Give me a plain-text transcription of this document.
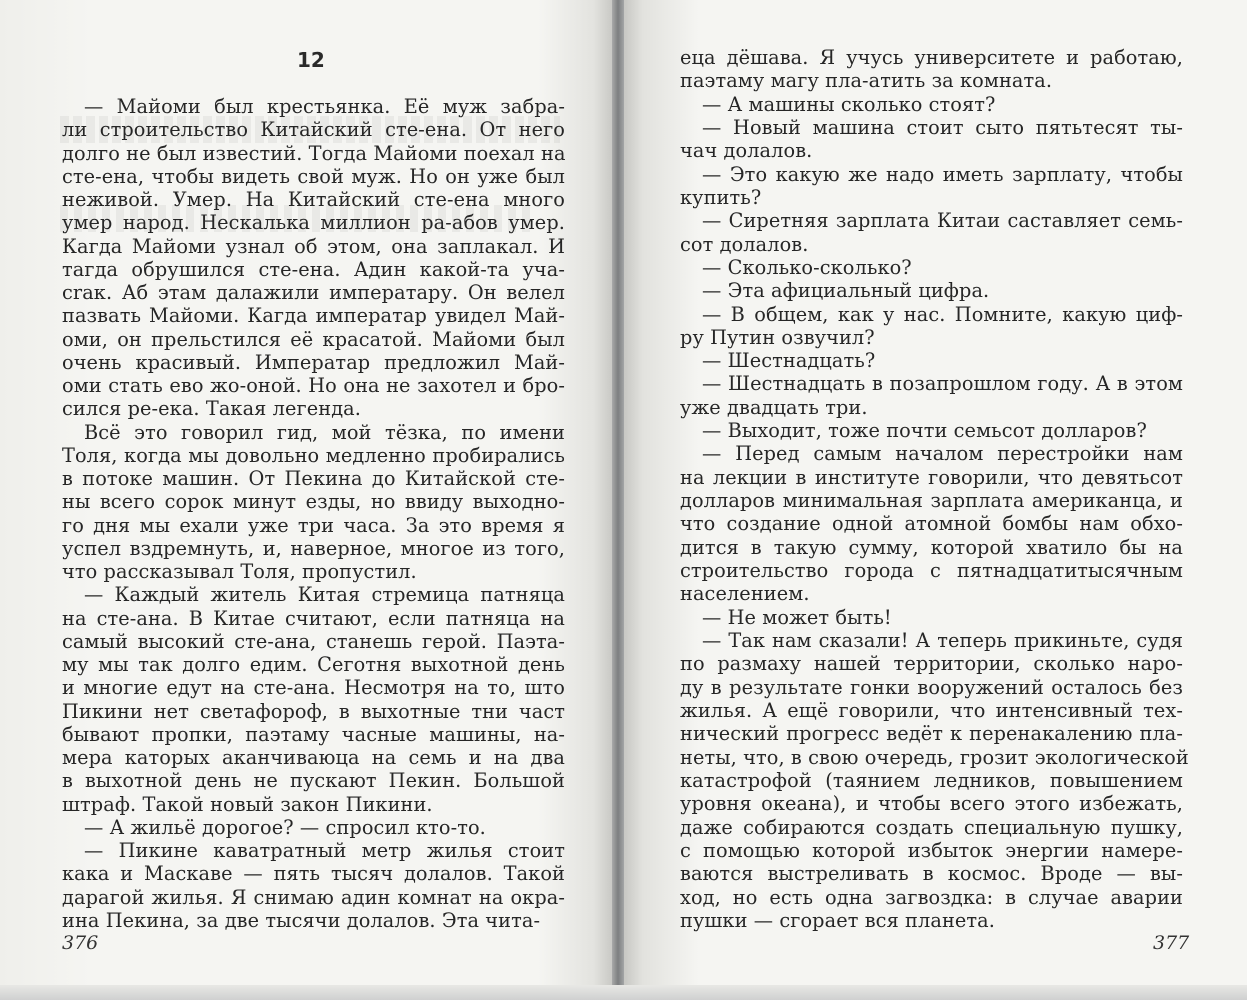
12
— Майоми был крестьянка. Её муж забра-
ли строительство Китайский сте-ена. От него
долго не был известий. Тогда Майоми поехал на
сте-ена, чтобы видеть свой муж. Но он уже был
неживой. Умер. На Китайский сте-ена много
умер народ. Нескалька миллион ра-абов умер.
Кагда Майоми узнал об этом, она заплакал. И
тагда обрушился сте-ена. Адин какой-та уча-
сrак. Аб этам далажили императару. Он велел
пазвать Майоми. Кагда императар увидел Май-
оми, он прельстился её красатой. Майоми был
очень красивый. Императар предложил Май-
оми стать ево жо-оной. Но она не захотел и бро-
сился ре-ека. Такая легенда.
Всё это говорил гид, мой тёзка, по имени
Толя, когда мы довольно медленно пробирались
в потоке машин. От Пекина до Китайской сте-
ны всего сорок минут езды, но ввиду выходно-
го дня мы ехали уже три часа. За это время я
успел вздремнуть, и, наверное, многое из того,
что рассказывал Толя, пропустил.
— Каждый житель Китая стремица патняца
на сте-ана. В Китае считают, если патняца на
самый высокий сте-ана, станешь герой. Паэта-
му мы так долго едим. Сеготня выхотной день
и многие едут на сте-ана. Несмотря на то, што
Пикини нет светафороф, в выхотные тни част
бывают пропки, паэтаму часные машины, на-
мера каторых аканчиваюца на семь и на два
в выхотной день не пускают Пекин. Большой
штраф. Такой новый закон Пикини.
— А жильё дорогое? — спросил кто-то.
— Пикине каватратный метр жилья стоит
кака и Маскаве — пять тысяч долалов. Такой
дарагой жилья. Я снимаю адин комнат на окра-
ина Пекина, за две тысячи долалов. Эта чита-
376
еца дёшава. Я учусь университете и работаю,
паэтаму магу пла-атить за комната.
— А машины сколько стоят?
— Новый машина стоит сыто пятьтесят ты-
чач долалов.
— Это какую же надо иметь зарплату, чтобы
купить?
— Сиретняя зарплата Китаи саставляет семь-
сот долалов.
— Сколько-сколько?
— Эта афициальный цифра.
— В общем, как у нас. Помните, какую циф-
ру Путин озвучил?
— Шестнадцать?
— Шестнадцать в позапрошлом году. А в этом
уже двадцать три.
— Выходит, тоже почти семьсот долларов?
— Перед самым началом перестройки нам
на лекции в институте говорили, что девятьсот
долларов минимальная зарплата американца, и
что создание одной атомной бомбы нам обхо-
дится в такую сумму, которой хватило бы на
строительство города с пятнадцатитысячным
населением.
— Не может быть!
— Так нам сказали! А теперь прикиньте, судя
по размаху нашей территории, сколько наро-
ду в результате гонки вооружений осталось без
жилья. А ещё говорили, что интенсивный тех-
нический прогресс ведёт к перенакалению пла-
неты, что, в свою очередь, грозит экологической
катастрофой (таянием ледников, повышением
уровня океана), и чтобы всего этого избежать,
даже собираются создать специальную пушку,
с помощью которой избыток энергии намере-
ваются выстреливать в космос. Вроде — вы-
ход, но есть одна загвоздка: в случае аварии
пушки — сгорает вся планета.
377
